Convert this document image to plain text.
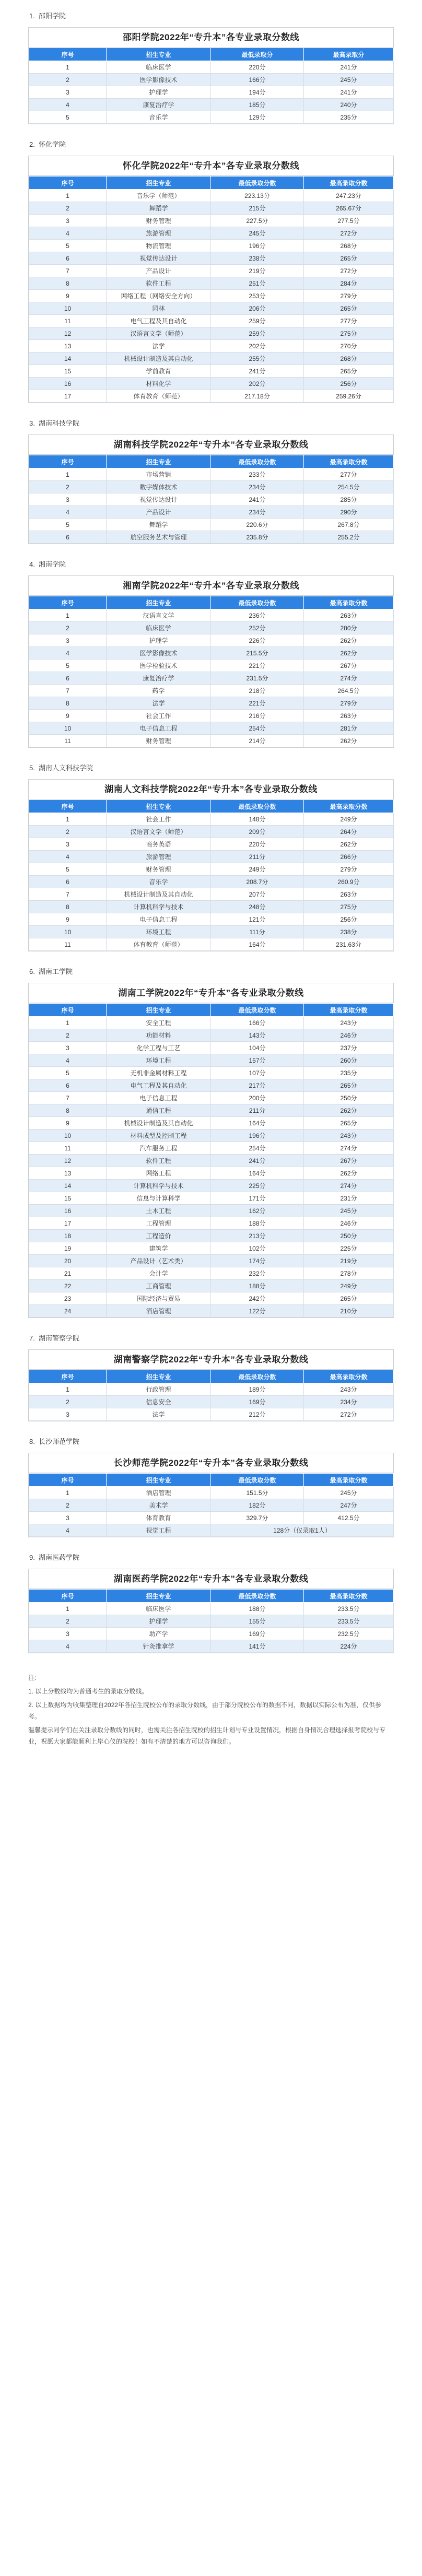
1. 邵阳学院
邵阳学院2022年“专升本”各专业录取分数线
序号	招生专业	最低录取分	最高录取分
1	临床医学	220分	241分
2	医学影像技术	166分	245分
3	护理学	194分	241分
4	康复治疗学	185分	240分
5	音乐学	129分	235分
2. 怀化学院
怀化学院2022年“专升本”各专业录取分数线
序号	招生专业	最低录取分数	最高录取分数
1	音乐学（师范）	223.13分	247.23分
2	舞蹈学	215分	265.67分
3	财务管理	227.5分	277.5分
4	旅游管理	245分	272分
5	物流管理	196分	268分
6	视觉传达设计	238分	265分
7	产品设计	219分	272分
8	软件工程	251分	284分
9	网络工程（网络安全方向）	253分	279分
10	园林	206分	265分
11	电气工程及其自动化	259分	277分
12	汉语言文学（师范）	259分	275分
13	法学	202分	270分
14	机械设计制造及其自动化	255分	268分
15	学前教育	241分	265分
16	材料化学	202分	256分
17	体育教育（师范）	217.18分	259.26分
3. 湖南科技学院
湖南科技学院2022年“专升本”各专业录取分数线
序号	招生专业	最低录取分数	最高录取分数
1	市场营销	233分	277分
2	数字媒体技术	234分	254.5分
3	视觉传达设计	241分	285分
4	产品设计	234分	290分
5	舞蹈学	220.6分	267.8分
6	航空服务艺术与管理	235.8分	255.2分
4. 湘南学院
湘南学院2022年“专升本”各专业录取分数线
序号	招生专业	最低录取分数	最高录取分数
1	汉语言文学	236分	263分
2	临床医学	252分	280分
3	护理学	226分	262分
4	医学影像技术	215.5分	262分
5	医学检验技术	221分	267分
6	康复治疗学	231.5分	274分
7	药学	218分	264.5分
8	法学	221分	279分
9	社会工作	216分	263分
10	电子信息工程	254分	281分
11	财务管理	214分	262分
5. 湖南人文科技学院
湖南人文科技学院2022年“专升本”各专业录取分数线
序号	招生专业	最低录取分数	最高录取分数
1	社会工作	148分	249分
2	汉语言文学（师范）	209分	264分
3	商务英语	220分	262分
4	旅游管理	211分	266分
5	财务管理	249分	279分
6	音乐学	208.7分	260.9分
7	机械设计制造及其自动化	207分	263分
8	计算机科学与技术	248分	275分
9	电子信息工程	121分	256分
10	环境工程	111分	238分
11	体育教育（师范）	164分	231.63分
6. 湖南工学院
湖南工学院2022年“专升本”各专业录取分数线
序号	招生专业	最低录取分数	最高录取分数
1	安全工程	166分	243分
2	功能材料	143分	246分
3	化学工程与工艺	104分	237分
4	环境工程	157分	260分
5	无机非金属材料工程	107分	235分
6	电气工程及其自动化	217分	265分
7	电子信息工程	200分	250分
8	通信工程	211分	262分
9	机械设计制造及其自动化	164分	265分
10	材料成型及控制工程	196分	243分
11	汽车服务工程	254分	274分
12	软件工程	241分	267分
13	网络工程	164分	262分
14	计算机科学与技术	225分	274分
15	信息与计算科学	171分	231分
16	土木工程	162分	245分
17	工程管理	188分	246分
18	工程造价	213分	250分
19	建筑学	102分	225分
20	产品设计（艺术类）	174分	219分
21	会计学	232分	278分
22	工商管理	188分	249分
23	国际经济与贸易	242分	265分
24	酒店管理	122分	210分
7. 湖南警察学院
湖南警察学院2022年“专升本”各专业录取分数线
序号	招生专业	最低录取分数	最高录取分数
1	行政管理	189分	243分
2	信息安全	169分	234分
3	法学	212分	272分
8. 长沙师范学院
长沙师范学院2022年“专升本”各专业录取分数线
序号	招生专业	最低录取分数	最高录取分数
1	酒店管理	151.5分	245分
2	美术学	182分	247分
3	体育教育	329.7分	412.5分
4	视觉工程	128分（仅录取1人）	
9. 湖南医药学院
湖南医药学院2022年“专升本”各专业录取分数线
序号	招生专业	最低录取分数	最高录取分数
1	临床医学	188分	233.5分
2	护理学	155分	233.5分
3	助产学	169分	232.5分
4	针灸推拿学	141分	224分

注:

1. 以上分数线均为普通考生的录取分数线。

2. 以上数据均为收集整理自2022年各招生院校公布的录取分数线，由于部分院校公布的数据不同，数据以实际公布为准，仅供参考。

温馨提示同学们在关注录取分数线的同时，也需关注各招生院校的招生计划与专业设置情况，根据自身情况合理选择报考院校与专业，祝愿大家都能顺利上岸心仪的院校！如有不清楚的地方可以咨询我们。
